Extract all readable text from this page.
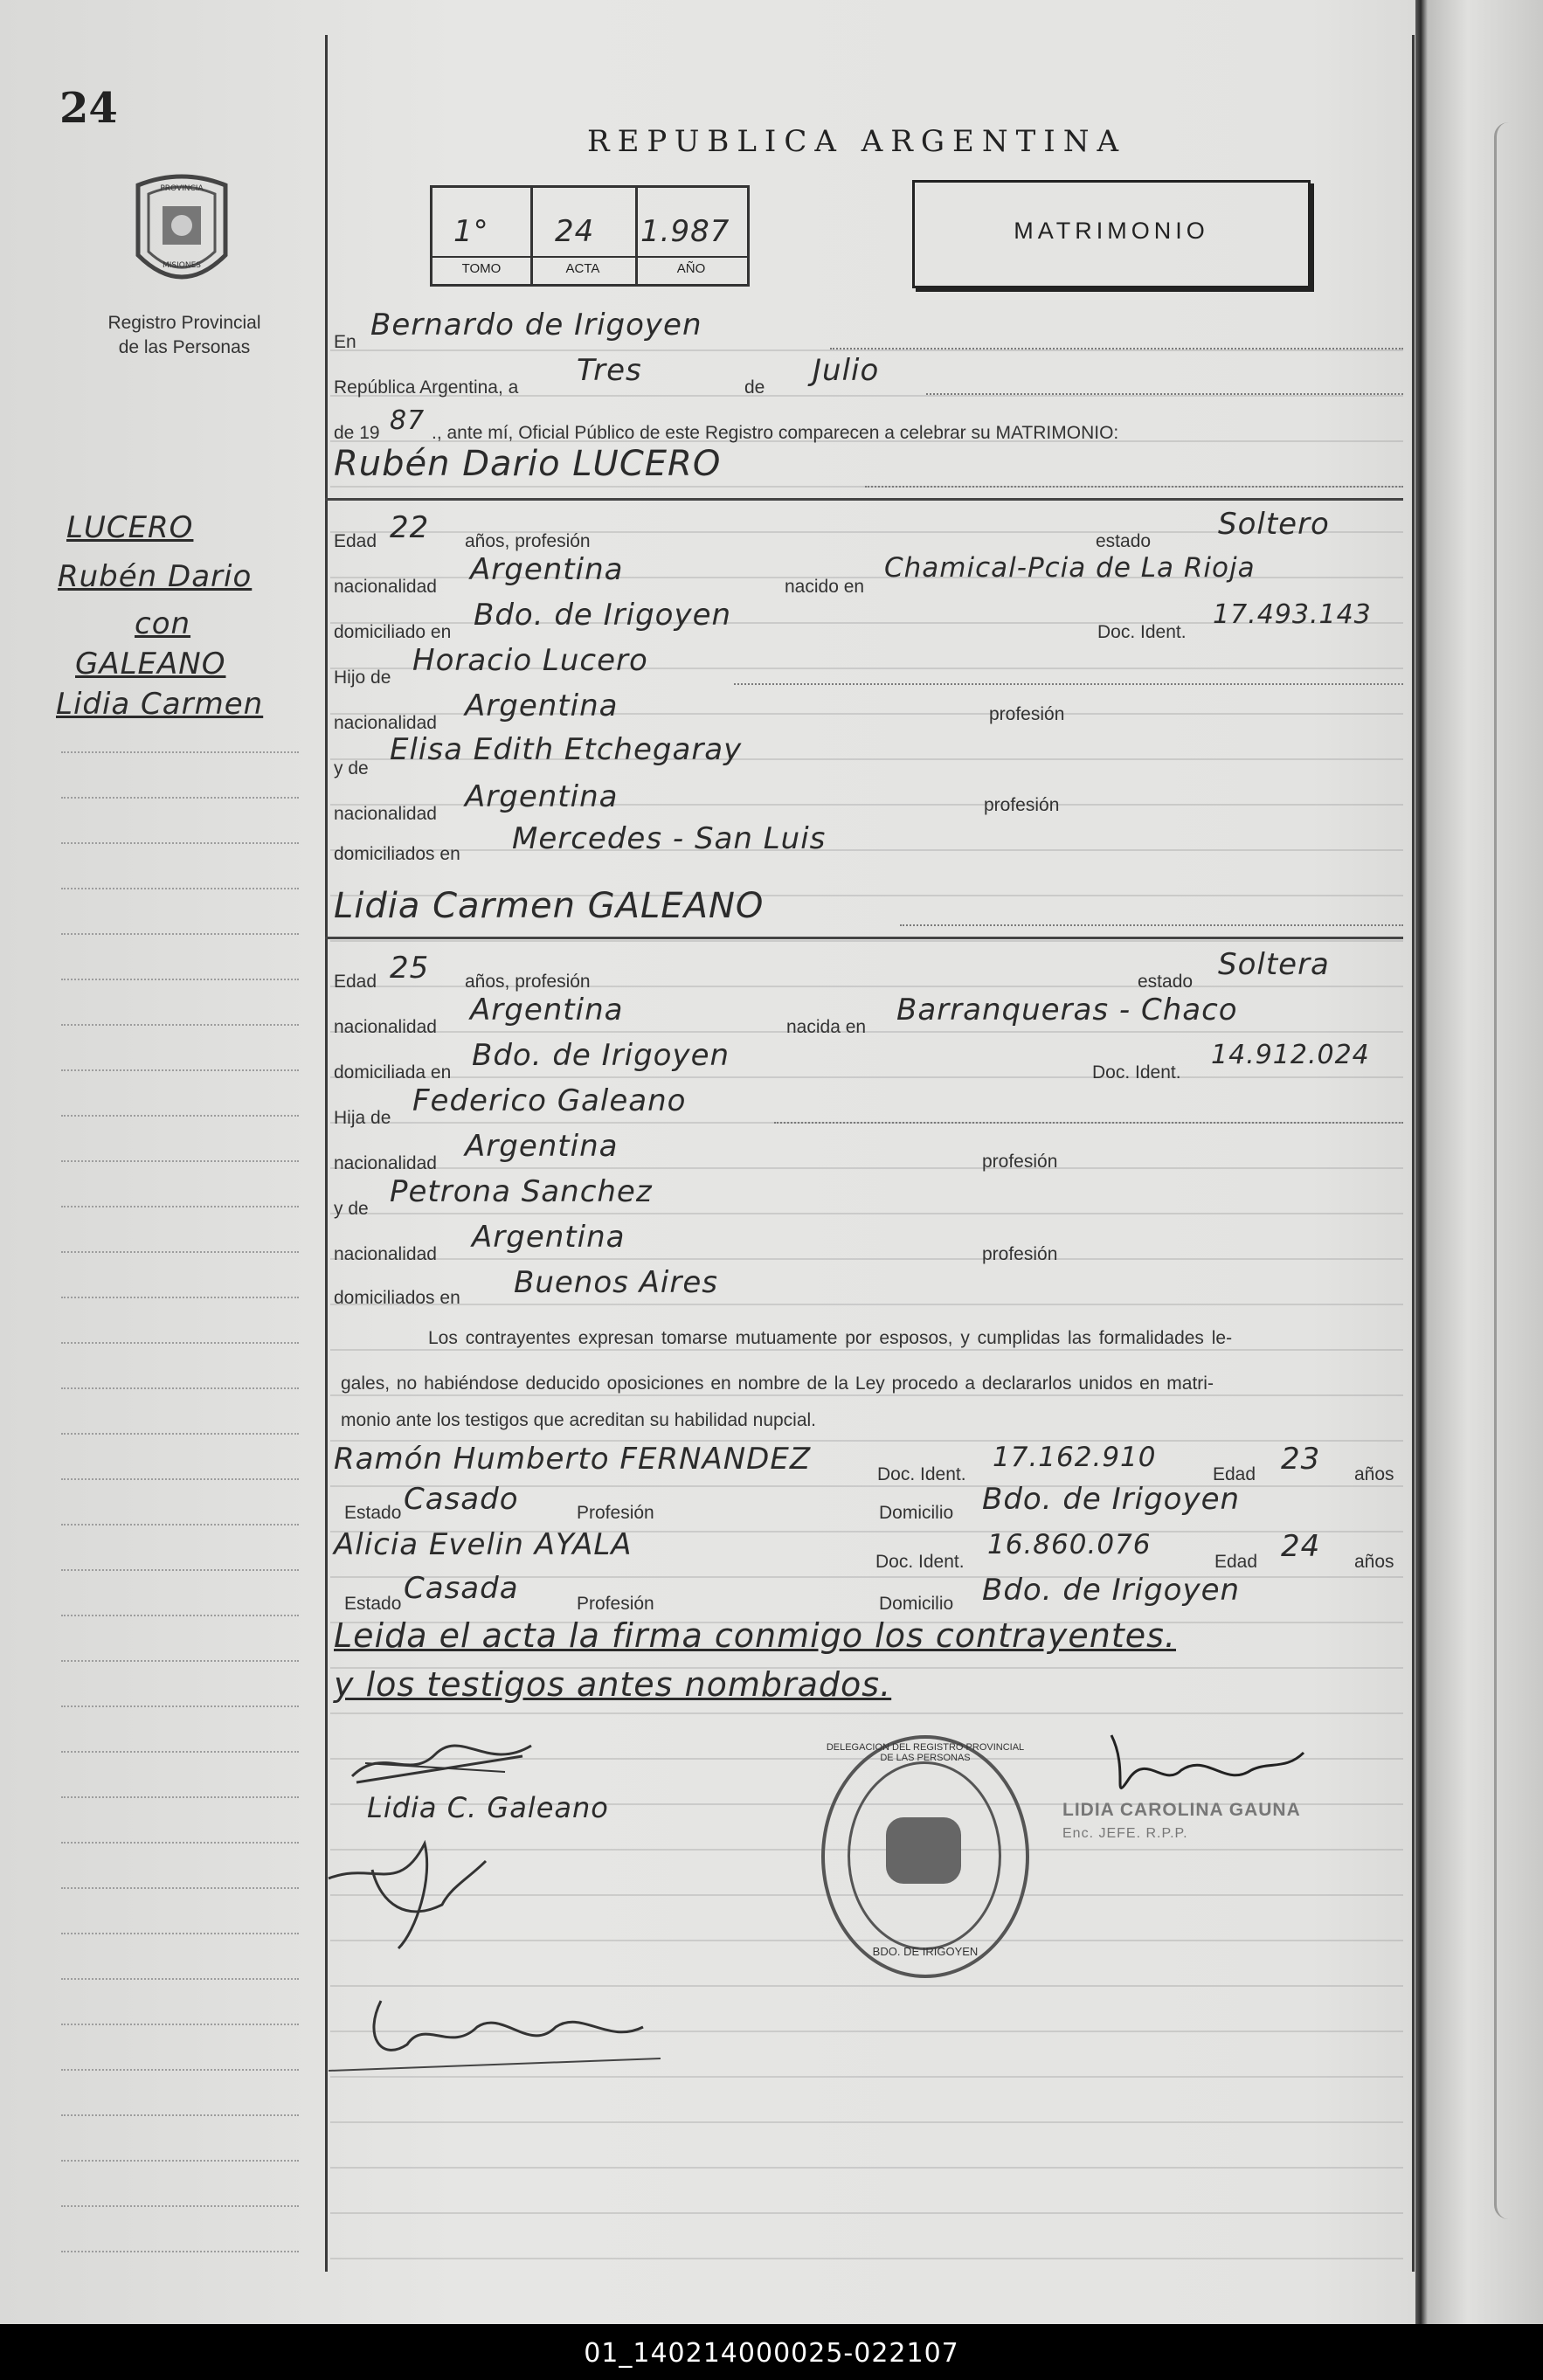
24
PROVINCIA
MISIONES
Registro Provincial
de las Personas
LUCERO
Rubén Dario
con
GALEANO
Lidia Carmen
REPUBLICA ARGENTINA
1° 24 1.987
TOMO	ACTA	AÑO
MATRIMONIO
En Bernardo de Irigoyen
República Argentina, a Tres	de Julio
de 19 87 ., ante mí, Oficial Público de este Registro comparecen a celebrar su MATRIMONIO:
Rubén Dario LUCERO
Edad 22 años, profesión	estado Soltero
nacionalidad Argentina	nacido en
Chamical-Pcia de La Rioja
domiciliado en Bdo. de Irigoyen	Doc. Ident.
17.493.143
Hijo de Horacio Lucero
nacionalidad Argentina	profesión
y de
Elisa Edith Etchegaray
nacionalidad Argentina	profesión
domiciliados en Mercedes - San Luis
Lidia Carmen GALEANO
Edad 25 años, profesión	estado Soltera
nacionalidad Argentina	nacida en Barranqueras - Chaco
domiciliada en Bdo. de Irigoyen	Doc. Ident.
14.912.024
Hija de Federico Galeano
nacionalidad Argentina	profesión
y de Petrona Sanchez
nacionalidad Argentina	profesión
domiciliados en Buenos Aires
Los contrayentes expresan tomarse mutuamente por esposos, y cumplidas las formalidades le-
gales, no habiéndose deducido oposiciones en nombre de la Ley procedo a declararlos unidos en matri-
monio ante los testigos que acreditan su habilidad nupcial.
Ramón Humberto FERNANDEZ	Doc. Ident.
17.162.910
Edad 23 años
Estado Casado	Profesión	Domicilio Bdo. de Irigoyen
Alicia Evelin AYALA	Doc. Ident.
16.860.076
Edad 24 años
Estado Casada	Profesión	Domicilio Bdo. de Irigoyen
Leida el acta la firma conmigo los contrayentes.
y los testigos antes nombrados.
Lidia C. Galeano
DELEGACION DEL REGISTRO PROVINCIAL DE LAS PERSONAS
BDO. DE IRIGOYEN
LIDIA CAROLINA GAUNA
Enc. JEFE. R.P.P.
01_140214000025-022107
